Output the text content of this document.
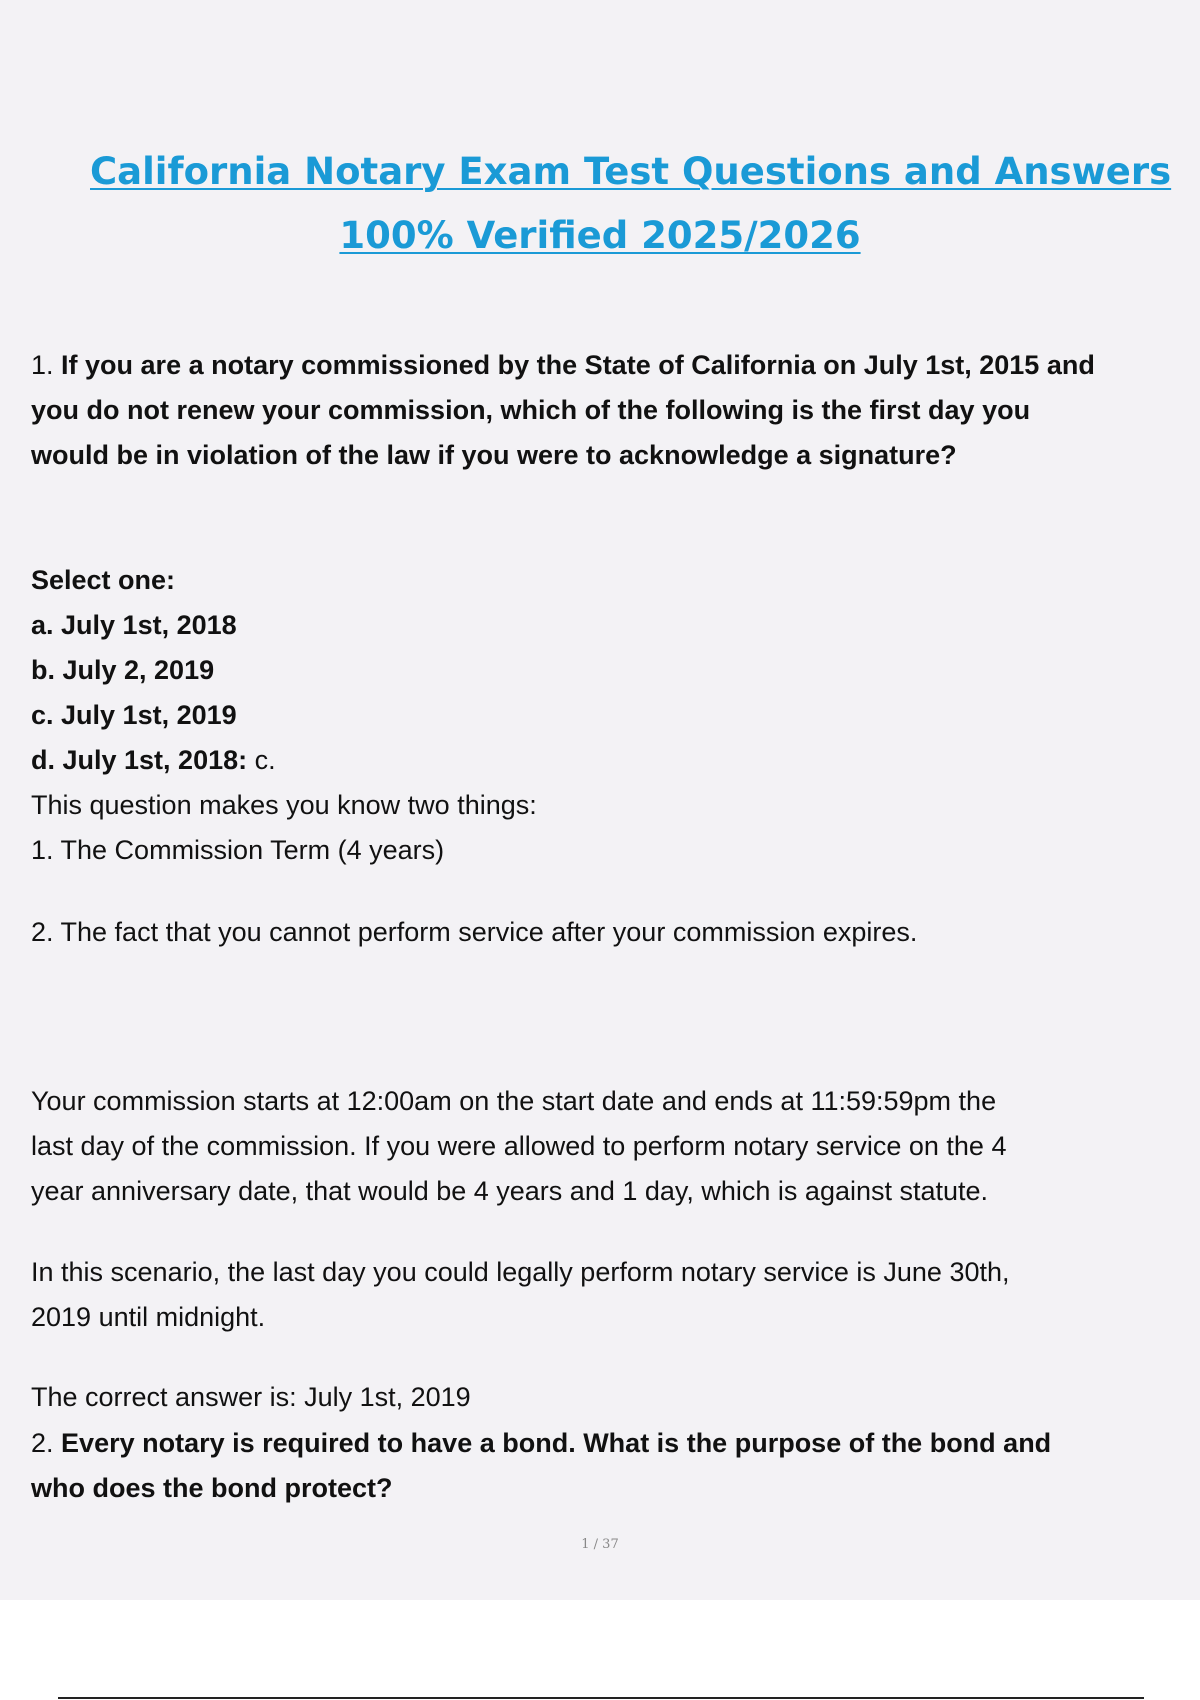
California Notary Exam Test Questions and Answers
100% Verified 2025/2026
1. If you are a notary commissioned by the State of California on July 1st, 2015 and
you do not renew your commission, which of the following is the first day you
would be in violation of the law if you were to acknowledge a signature?
Select one:
a. July 1st, 2018
b. July 2, 2019
c. July 1st, 2019
d. July 1st, 2018: c.
This question makes you know two things:
1. The Commission Term (4 years)
2. The fact that you cannot perform service after your commission expires.
Your commission starts at 12:00am on the start date and ends at 11:59:59pm the
last day of the commission. If you were allowed to perform notary service on the 4
year anniversary date, that would be 4 years and 1 day, which is against statute.
In this scenario, the last day you could legally perform notary service is June 30th,
2019 until midnight.
The correct answer is: July 1st, 2019
2. Every notary is required to have a bond. What is the purpose of the bond and
who does the bond protect?
1 / 37
